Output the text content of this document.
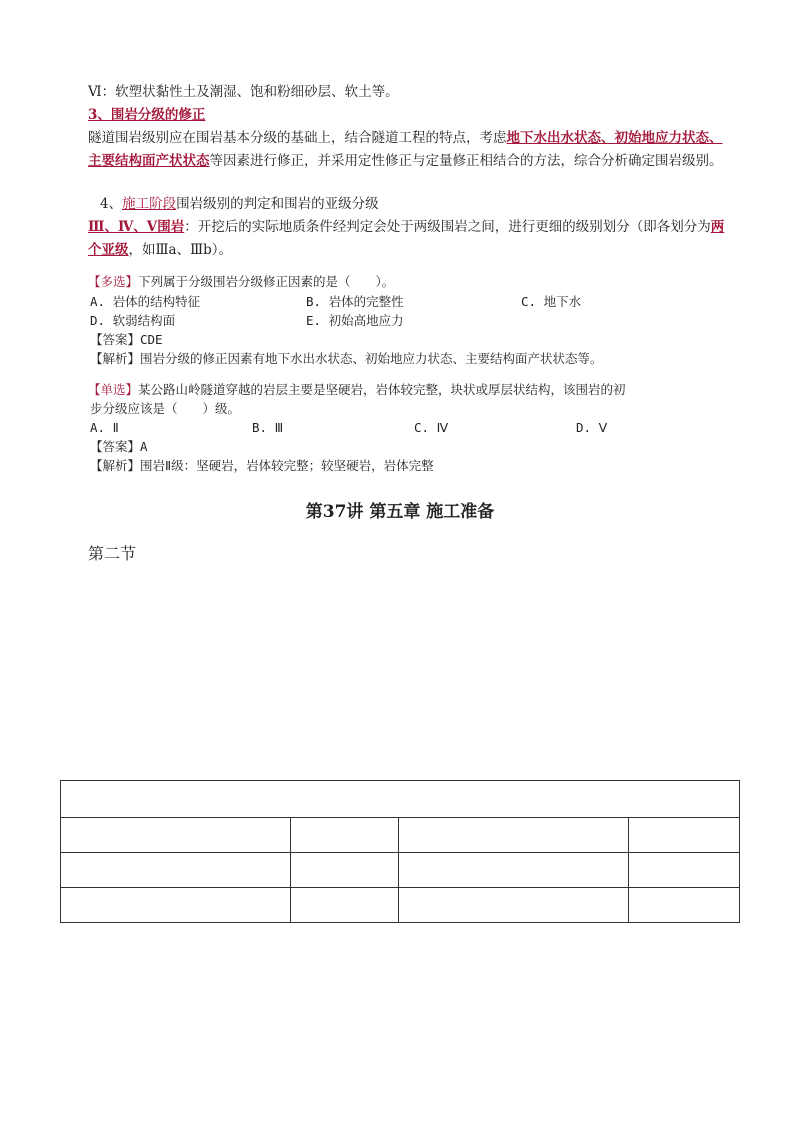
Ⅵ：软塑状黏性土及潮湿、饱和粉细砂层、软土等。
3、围岩分级的修正
隧道围岩级别应在围岩基本分级的基础上，结合隧道工程的特点，考虑地下水出水状态、初始地应力状态、主要结构面产状状态等因素进行修正，并采用定性修正与定量修正相结合的方法，综合分析确定围岩级别。
4、施工阶段围岩级别的判定和围岩的亚级分级
Ⅲ、Ⅳ、Ⅴ围岩：开挖后的实际地质条件经判定会处于两级围岩之间，进行更细的级别划分（即各划分为两个亚级，如Ⅲa、Ⅲb）。
【多选】下列属于分级围岩分级修正因素的是（　　）。
A. 岩体的结构特征	B. 岩体的完整性	C. 地下水
D. 软弱结构面	E. 初始高地应力
【答案】CDE
【解析】围岩分级的修正因素有地下水出水状态、初始地应力状态、主要结构面产状状态等。
【单选】某公路山岭隧道穿越的岩层主要是坚硬岩，岩体较完整，块状或厚层状结构，该围岩的初
步分级应该是（　　）级。
A. Ⅱ	B. Ⅲ	C. Ⅳ	D. Ⅴ
【答案】A
【解析】围岩Ⅱ级：坚硬岩，岩体较完整；较坚硬岩，岩体完整
第37讲 第五章 施工准备
第二节
